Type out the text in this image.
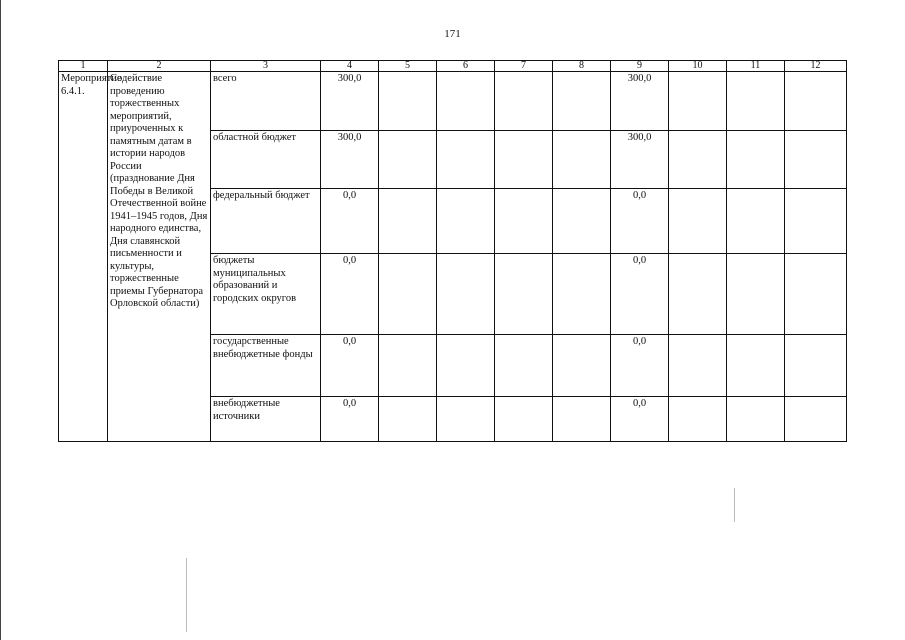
171
1	2	3	4	5	6	7	8	9	10	11	12
Мероприятие 6.4.1.	Содействие проведению торжественных мероприятий, приуроченных к памятным датам в истории народов России (празднование Дня Победы в Великой Отечественной войне 1941–1945 годов, Дня народного единства, Дня славянской письменности и культуры, торжественные приемы Губернатора Орловской области)	всего	300,0					300,0			
		областной бюджет	300,0					300,0			
		федеральный бюджет	0,0					0,0			
		бюджеты муниципальных образований и городских округов	0,0					0,0			
		государственные внебюджетные фонды	0,0					0,0			
		внебюджетные источники	0,0					0,0			
